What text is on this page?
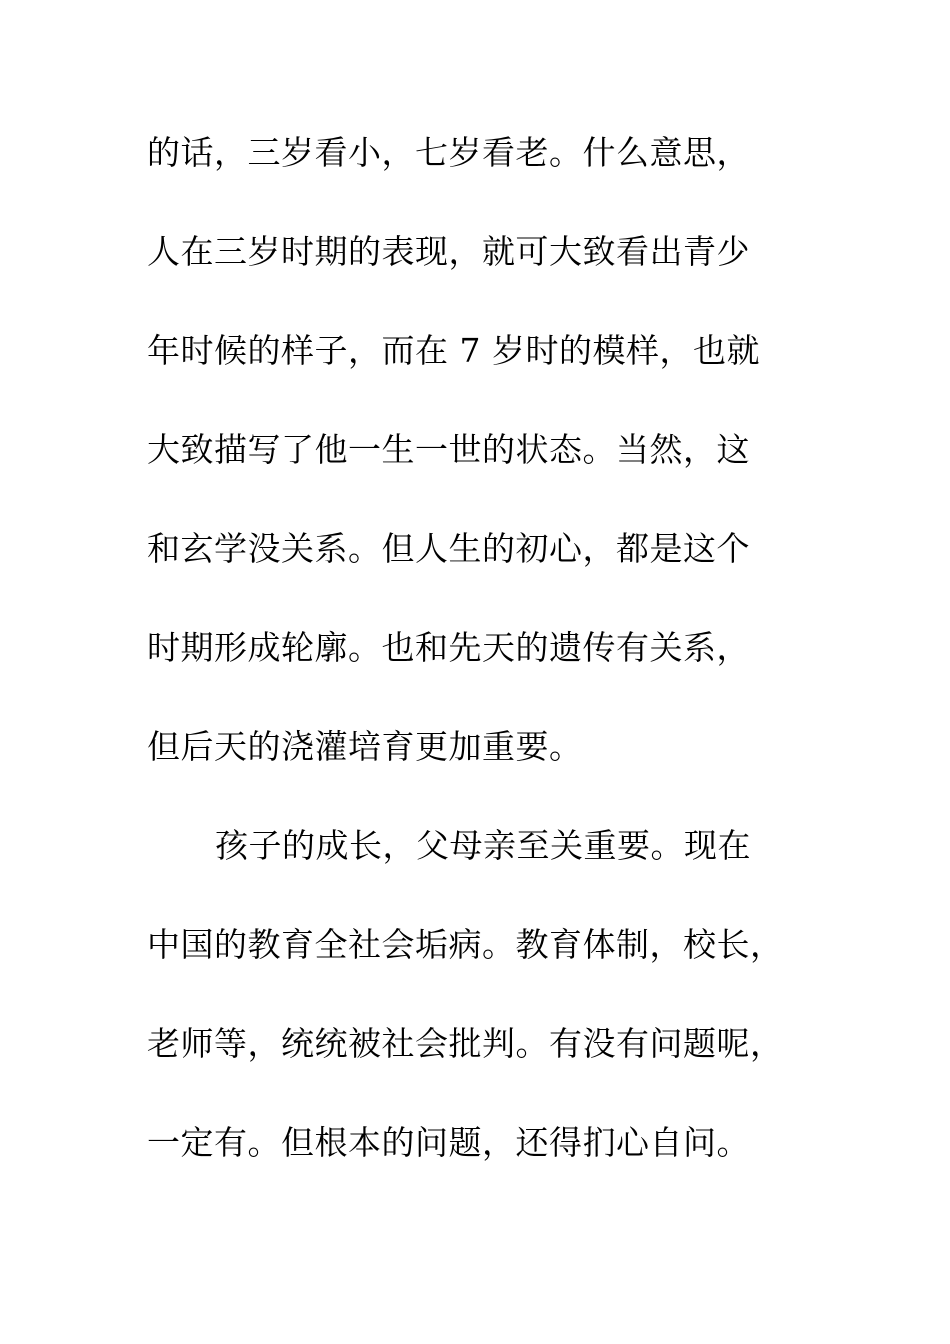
的话，三岁看小，七岁看老。什么意思，
人在三岁时期的表现，就可大致看出青少
年时候的样子，而在 7 岁时的模样，也就
大致描写了他一生一世的状态。当然，这
和玄学没关系。但人生的初心，都是这个
时期形成轮廓。也和先天的遗传有关系，
但后天的浇灌培育更加重要。
孩子的成长，父母亲至关重要。现在
中国的教育全社会垢病。教育体制，校长，
老师等，统统被社会批判。有没有问题呢，
一定有。但根本的问题，还得扪心自问。
